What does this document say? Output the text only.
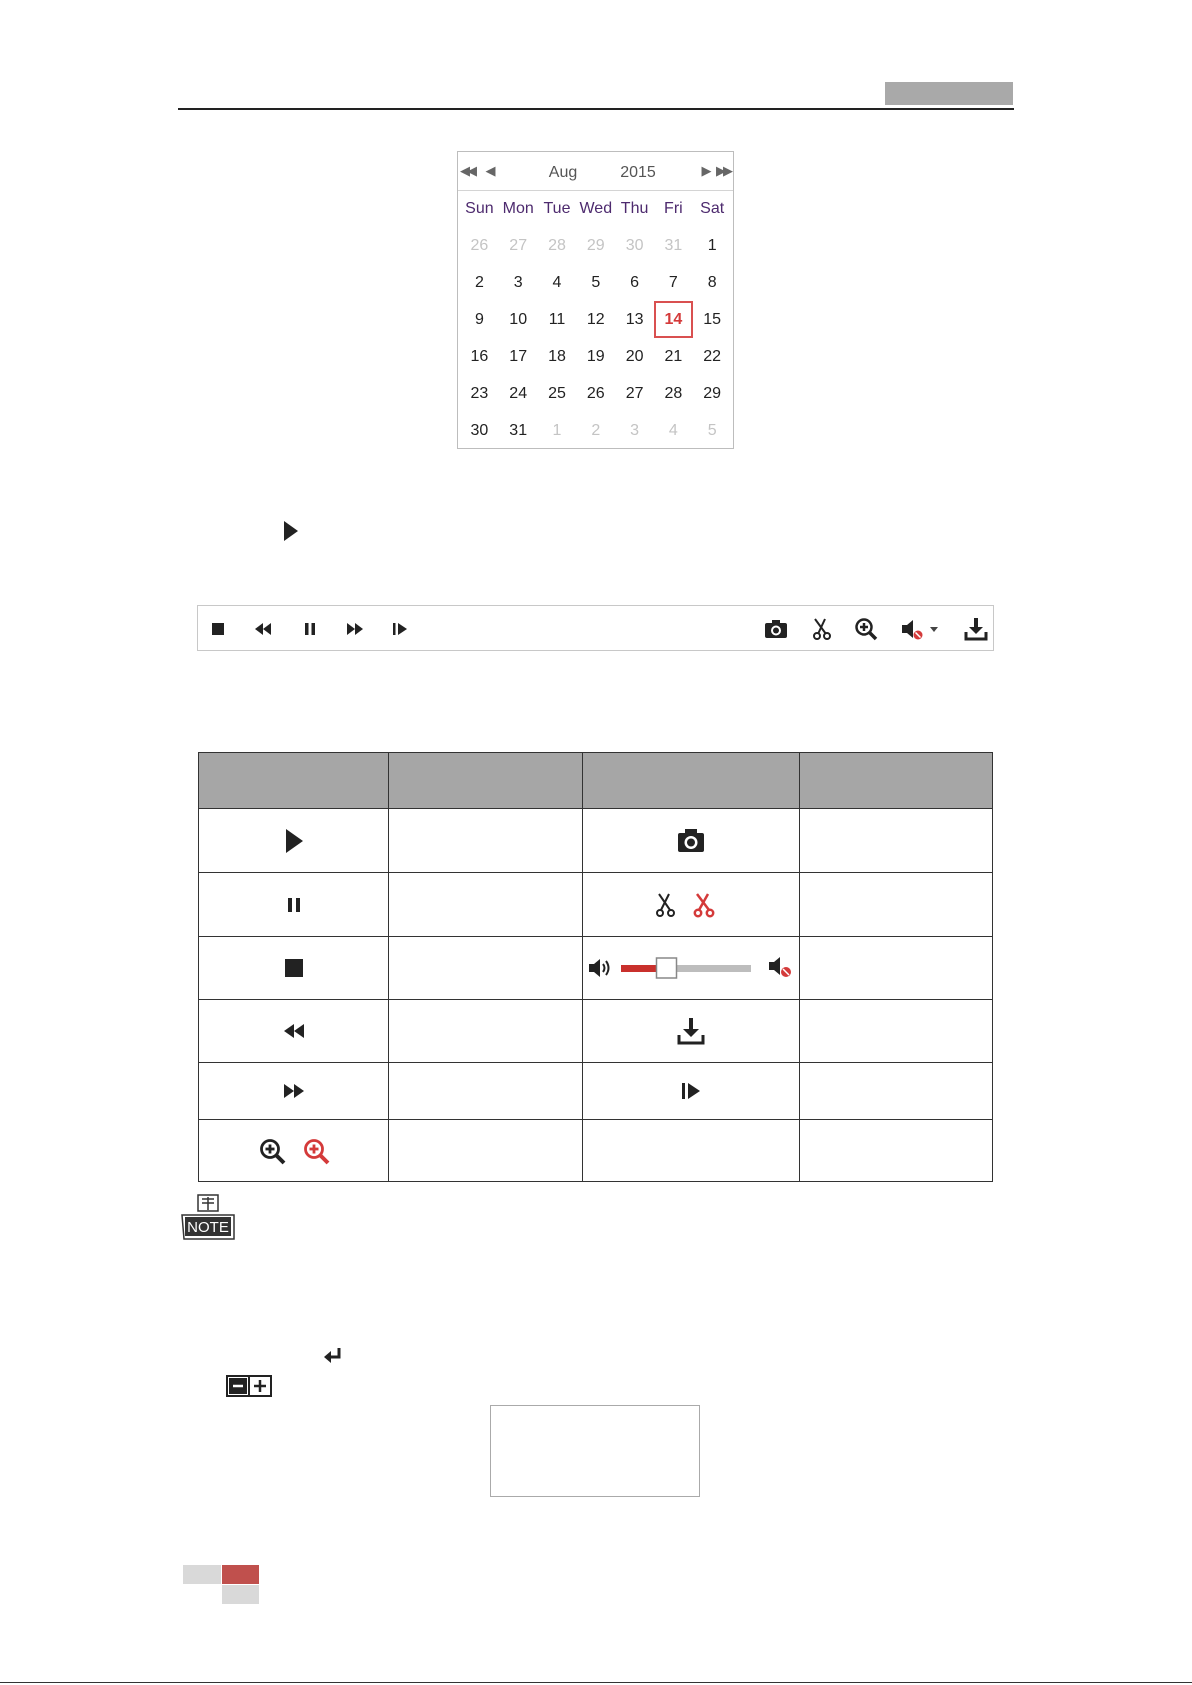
◀◀ ◀	Aug	2015	▶ ▶▶
Sun Mon Tue Wed Thu Fri	Sat
26	27	28	29	30	31	1
2	3	4	5	6	7	8
9	10	11	12	13	14	15
16	17	18	19	20	21	22
23	24	25	26	27	28	29
30	31	1	2	3	4	5

NOTE
